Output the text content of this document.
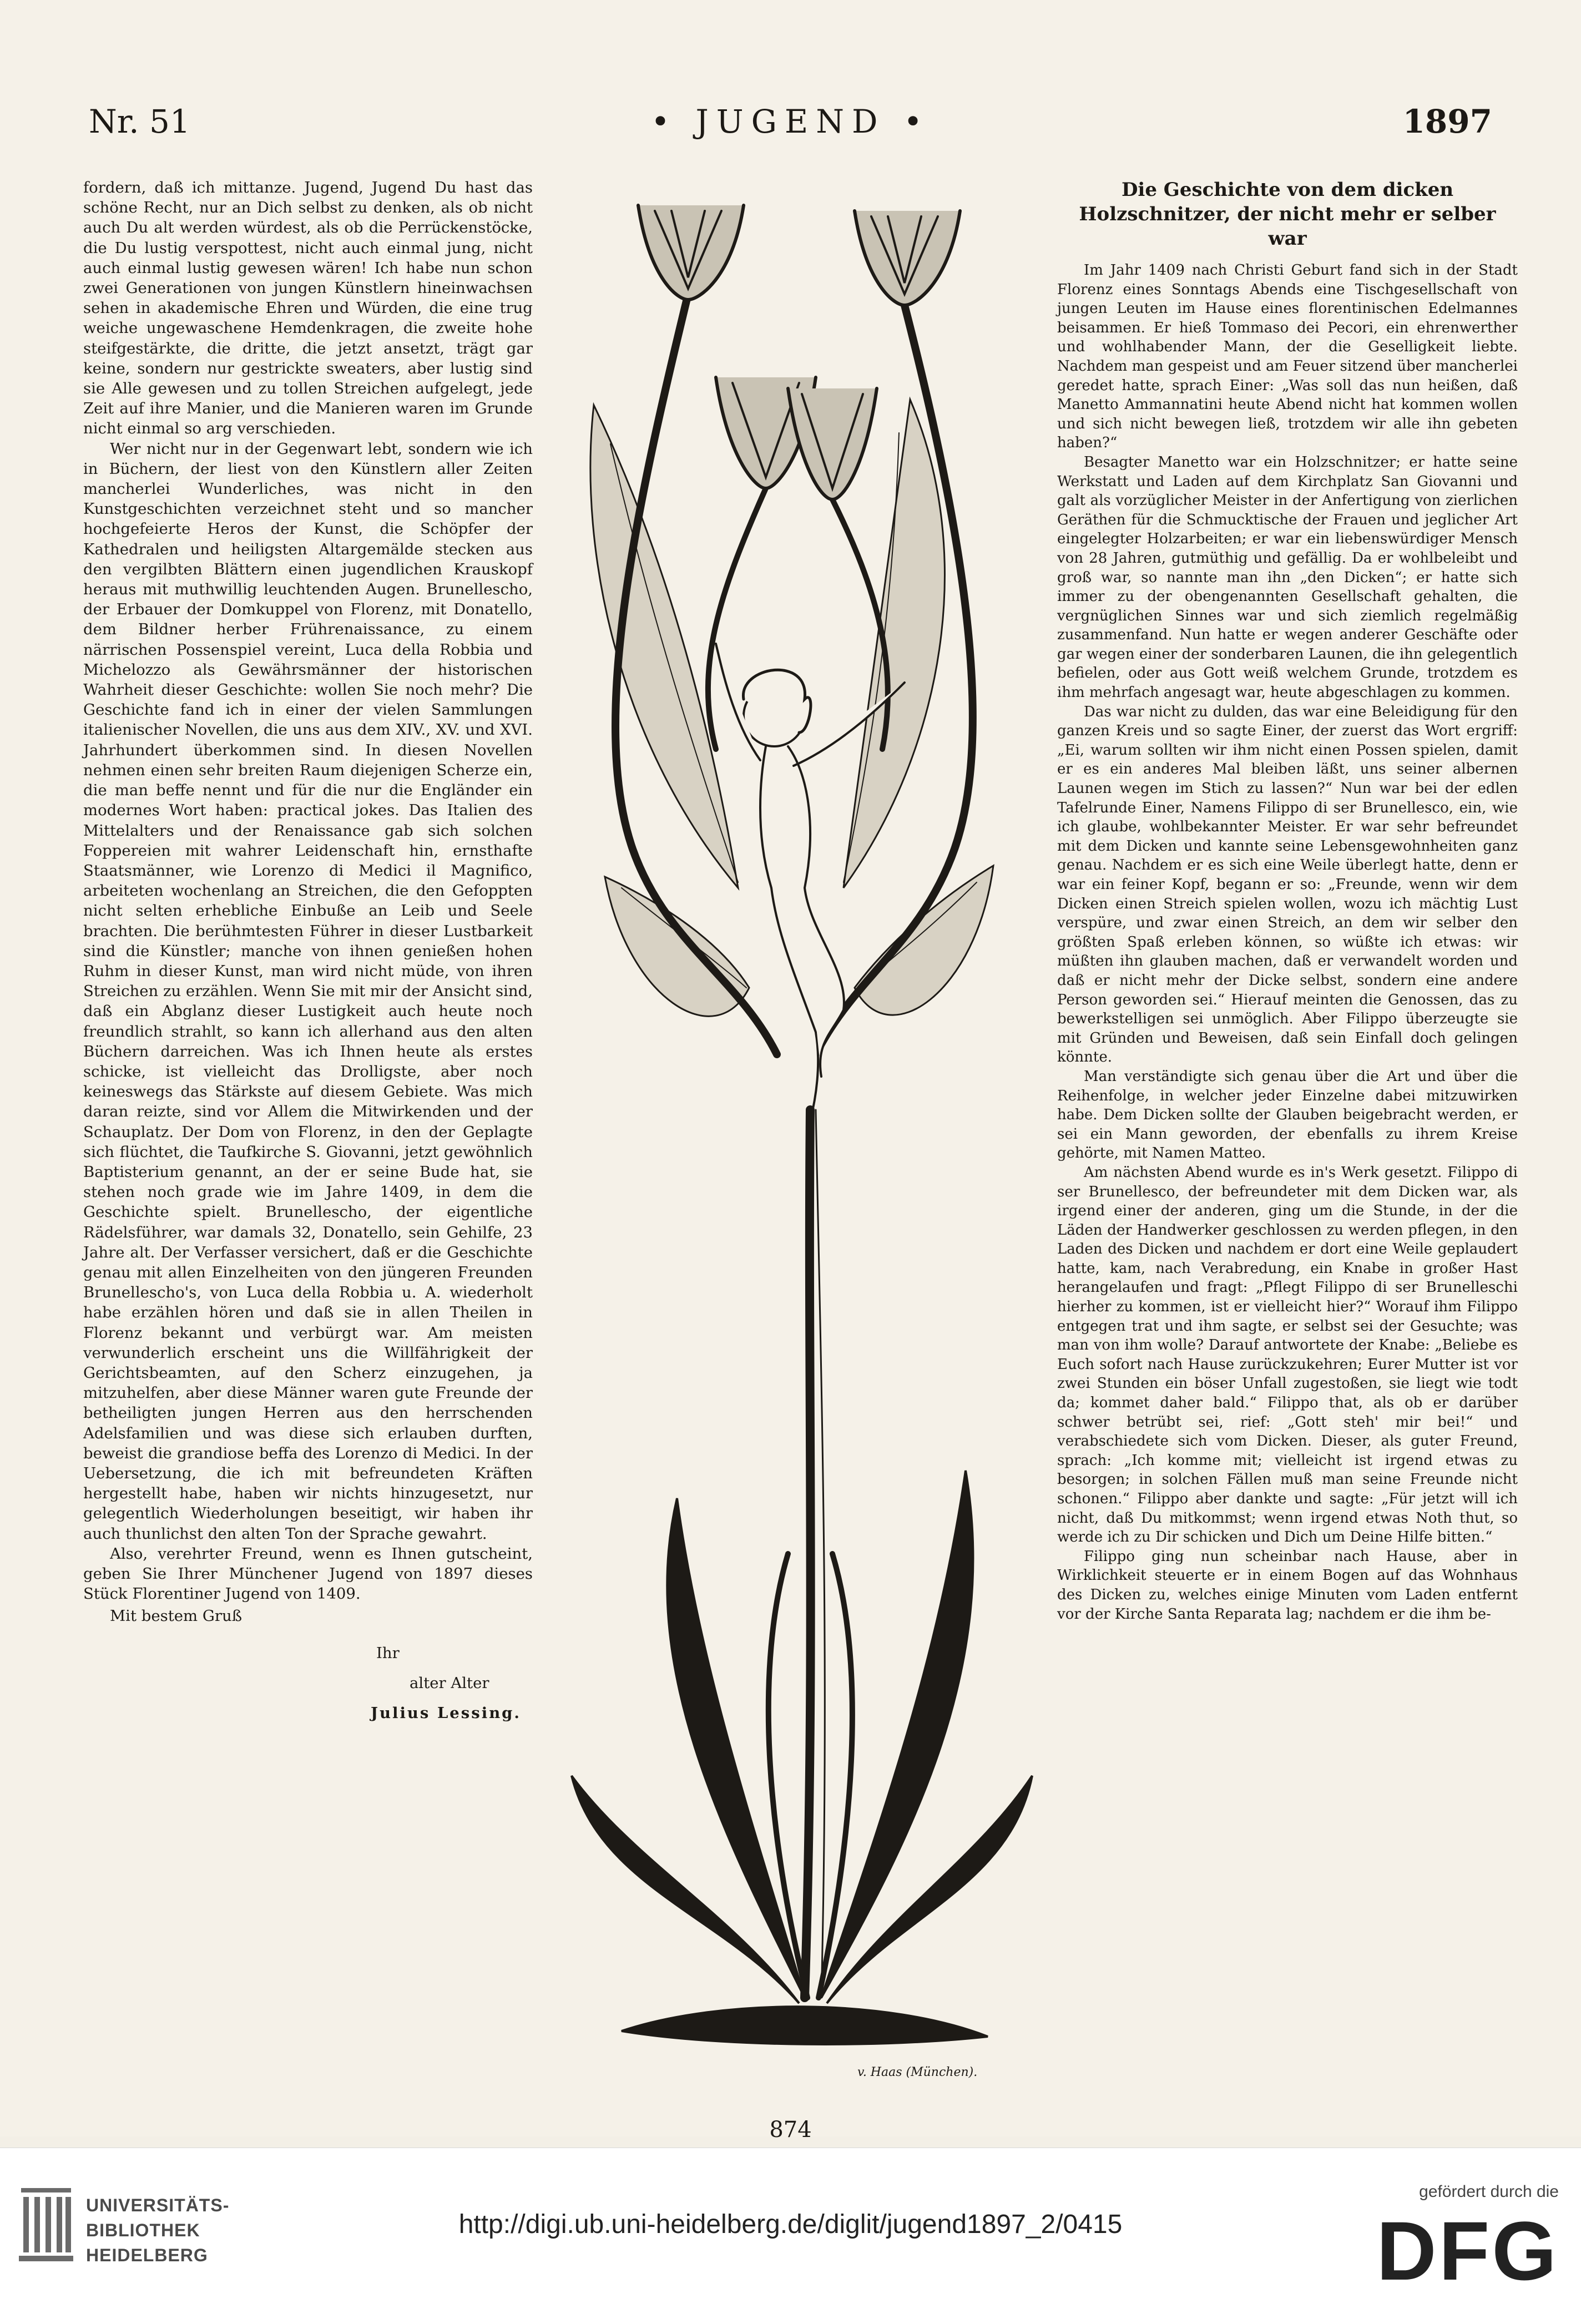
Nr. 51	• JUGEND •	1897

fordern, daß ich mittanze. Jugend, Jugend Du hast das schöne Recht, nur an Dich selbst zu denken, als ob nicht auch Du alt werden würdest, als ob die Perrückenstöcke, die Du lustig verspottest, nicht auch einmal jung, nicht auch einmal lustig gewesen wären! Ich habe nun schon zwei Generationen von jungen Künstlern hineinwachsen sehen in akademische Ehren und Würden, die eine trug weiche ungewaschene Hemdenkragen, die zweite hohe steifgestärkte, die dritte, die jetzt ansetzt, trägt gar keine, sondern nur gestrickte sweaters, aber lustig sind sie Alle gewesen und zu tollen Streichen aufgelegt, jede Zeit auf ihre Manier, und die Manieren waren im Grunde nicht einmal so arg verschieden.

Wer nicht nur in der Gegenwart lebt, sondern wie ich in Büchern, der liest von den Künstlern aller Zeiten mancherlei Wunderliches, was nicht in den Kunstgeschichten verzeichnet steht und so mancher hochgefeierte Heros der Kunst, die Schöpfer der Kathedralen und heiligsten Altargemälde stecken aus den vergilbten Blättern einen jugendlichen Krauskopf heraus mit muthwillig leuchtenden Augen. Brunellescho, der Erbauer der Domkuppel von Florenz, mit Donatello, dem Bildner herber Frührenaissance, zu einem närrischen Possenspiel vereint, Luca della Robbia und Michelozzo als Gewährsmänner der historischen Wahrheit dieser Geschichte: wollen Sie noch mehr? Die Geschichte fand ich in einer der vielen Sammlungen italienischer Novellen, die uns aus dem XIV., XV. und XVI. Jahrhundert überkommen sind. In diesen Novellen nehmen einen sehr breiten Raum diejenigen Scherze ein, die man beffe nennt und für die nur die Engländer ein modernes Wort haben: practical jokes. Das Italien des Mittelalters und der Renaissance gab sich solchen Foppereien mit wahrer Leidenschaft hin, ernsthafte Staatsmänner, wie Lorenzo di Medici il Magnifico, arbeiteten wochenlang an Streichen, die den Gefoppten nicht selten erhebliche Einbuße an Leib und Seele brachten. Die berühmtesten Führer in dieser Lustbarkeit sind die Künstler; manche von ihnen genießen hohen Ruhm in dieser Kunst, man wird nicht müde, von ihren Streichen zu erzählen. Wenn Sie mit mir der Ansicht sind, daß ein Abglanz dieser Lustigkeit auch heute noch freundlich strahlt, so kann ich allerhand aus den alten Büchern darreichen. Was ich Ihnen heute als erstes schicke, ist vielleicht das Drolligste, aber noch keineswegs das Stärkste auf diesem Gebiete. Was mich daran reizte, sind vor Allem die Mitwirkenden und der Schauplatz. Der Dom von Florenz, in den der Geplagte sich flüchtet, die Taufkirche S. Giovanni, jetzt gewöhnlich Baptisterium genannt, an der er seine Bude hat, sie stehen noch grade wie im Jahre 1409, in dem die Geschichte spielt. Brunellescho, der eigentliche Rädelsführer, war damals 32, Donatello, sein Gehilfe, 23 Jahre alt. Der Verfasser versichert, daß er die Geschichte genau mit allen Einzelheiten von den jüngeren Freunden Brunellescho's, von Luca della Robbia u. A. wiederholt habe erzählen hören und daß sie in allen Theilen in Florenz bekannt und verbürgt war. Am meisten verwunderlich erscheint uns die Willfährigkeit der Gerichtsbeamten, auf den Scherz einzugehen, ja mitzuhelfen, aber diese Männer waren gute Freunde der betheiligten jungen Herren aus den herrschenden Adelsfamilien und was diese sich erlauben durften, beweist die grandiose beffa des Lorenzo di Medici. In der Uebersetzung, die ich mit befreundeten Kräften hergestellt habe, haben wir nichts hinzugesetzt, nur gelegentlich Wiederholungen beseitigt, wir haben ihr auch thunlichst den alten Ton der Sprache gewahrt.

Also, verehrter Freund, wenn es Ihnen gutscheint, geben Sie Ihrer Münchener Jugend von 1897 dieses Stück Florentiner Jugend von 1409.

Mit bestem Gruß

Ihr

alter Alter

Julius Lessing.

v. Haas (München).

Die Geschichte von dem dicken Holzschnitzer, der nicht mehr er selber war

Im Jahr 1409 nach Christi Geburt fand sich in der Stadt Florenz eines Sonntags Abends eine Tischgesellschaft von jungen Leuten im Hause eines florentinischen Edelmannes beisammen. Er hieß Tommaso dei Pecori, ein ehrenwerther und wohlhabender Mann, der die Geselligkeit liebte. Nachdem man gespeist und am Feuer sitzend über mancherlei geredet hatte, sprach Einer: „Was soll das nun heißen, daß Manetto Ammannatini heute Abend nicht hat kommen wollen und sich nicht bewegen ließ, trotzdem wir alle ihn gebeten haben?“

Besagter Manetto war ein Holzschnitzer; er hatte seine Werkstatt und Laden auf dem Kirchplatz San Giovanni und galt als vorzüglicher Meister in der Anfertigung von zierlichen Geräthen für die Schmucktische der Frauen und jeglicher Art eingelegter Holzarbeiten; er war ein liebenswürdiger Mensch von 28 Jahren, gutmüthig und gefällig. Da er wohlbeleibt und groß war, so nannte man ihn „den Dicken“; er hatte sich immer zu der obengenannten Gesellschaft gehalten, die vergnüglichen Sinnes war und sich ziemlich regelmäßig zusammenfand. Nun hatte er wegen anderer Geschäfte oder gar wegen einer der sonderbaren Launen, die ihn gelegentlich befielen, oder aus Gott weiß welchem Grunde, trotzdem es ihm mehrfach angesagt war, heute abgeschlagen zu kommen.

Das war nicht zu dulden, das war eine Beleidigung für den ganzen Kreis und so sagte Einer, der zuerst das Wort ergriff: „Ei, warum sollten wir ihm nicht einen Possen spielen, damit er es ein anderes Mal bleiben läßt, uns seiner albernen Launen wegen im Stich zu lassen?“ Nun war bei der edlen Tafelrunde Einer, Namens Filippo di ser Brunellesco, ein, wie ich glaube, wohlbekannter Meister. Er war sehr befreundet mit dem Dicken und kannte seine Lebensgewohnheiten ganz genau. Nachdem er es sich eine Weile überlegt hatte, denn er war ein feiner Kopf, begann er so: „Freunde, wenn wir dem Dicken einen Streich spielen wollen, wozu ich mächtig Lust verspüre, und zwar einen Streich, an dem wir selber den größten Spaß erleben können, so wüßte ich etwas: wir müßten ihn glauben machen, daß er verwandelt worden und daß er nicht mehr der Dicke selbst, sondern eine andere Person geworden sei.“ Hierauf meinten die Genossen, das zu bewerkstelligen sei unmöglich. Aber Filippo überzeugte sie mit Gründen und Beweisen, daß sein Einfall doch gelingen könnte.

Man verständigte sich genau über die Art und über die Reihenfolge, in welcher jeder Einzelne dabei mitzuwirken habe. Dem Dicken sollte der Glauben beigebracht werden, er sei ein Mann geworden, der ebenfalls zu ihrem Kreise gehörte, mit Namen Matteo.

Am nächsten Abend wurde es in's Werk gesetzt. Filippo di ser Brunellesco, der befreundeter mit dem Dicken war, als irgend einer der anderen, ging um die Stunde, in der die Läden der Handwerker geschlossen zu werden pflegen, in den Laden des Dicken und nachdem er dort eine Weile geplaudert hatte, kam, nach Verabredung, ein Knabe in großer Hast herangelaufen und fragt: „Pflegt Filippo di ser Brunelleschi hierher zu kommen, ist er vielleicht hier?“ Worauf ihm Filippo entgegen trat und ihm sagte, er selbst sei der Gesuchte; was man von ihm wolle? Darauf antwortete der Knabe: „Beliebe es Euch sofort nach Hause zurückzukehren; Eurer Mutter ist vor zwei Stunden ein böser Unfall zugestoßen, sie liegt wie todt da; kommet daher bald.“ Filippo that, als ob er darüber schwer betrübt sei, rief: „Gott steh' mir bei!“ und verabschiedete sich vom Dicken. Dieser, als guter Freund, sprach: „Ich komme mit; vielleicht ist irgend etwas zu besorgen; in solchen Fällen muß man seine Freunde nicht schonen.“ Filippo aber dankte und sagte: „Für jetzt will ich nicht, daß Du mitkommst; wenn irgend etwas Noth thut, so werde ich zu Dir schicken und Dich um Deine Hilfe bitten.“

Filippo ging nun scheinbar nach Hause, aber in Wirklichkeit steuerte er in einem Bogen auf das Wohnhaus des Dicken zu, welches einige Minuten vom Laden entfernt vor der Kirche Santa Reparata lag; nachdem er die ihm be-

874
UNIVERSITÄTS-
BIBLIOTHEK
HEIDELBERG
http://digi.ub.uni-heidelberg.de/diglit/jugend1897_2/0415
gefördert durch die
DFG
